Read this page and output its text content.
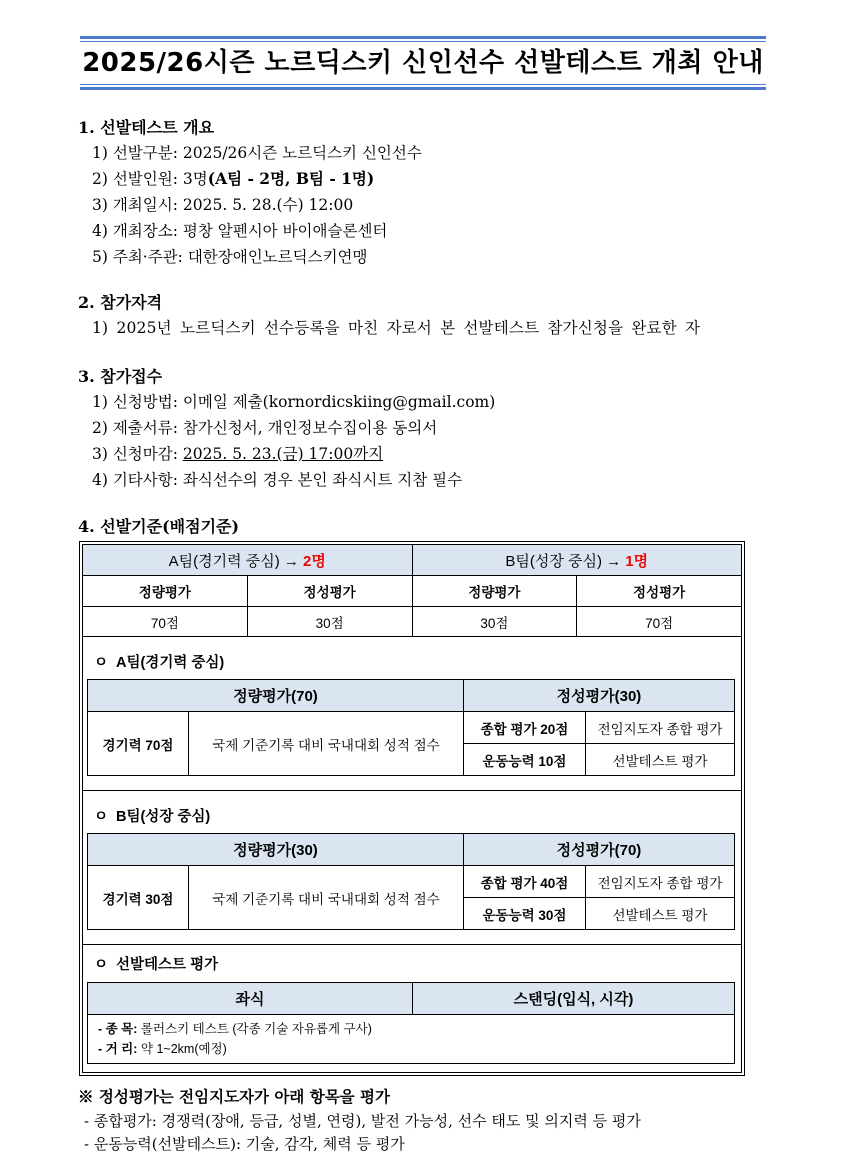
2025/26시즌 노르딕스키 신인선수 선발테스트 개최 안내
1. 선발테스트 개요
1) 선발구분: 2025/26시즌 노르딕스키 신인선수
2) 선발인원: 3명(A팀 - 2명, B팀 - 1명)
3) 개최일시: 2025. 5. 28.(수) 12:00
4) 개최장소: 평창 알펜시아 바이애슬론센터
5) 주최·주관: 대한장애인노르딕스키연맹
2. 참가자격
1) 2025년 노르딕스키 선수등록을 마친 자로서 본 선발테스트 참가신청을 완료한 자
3. 참가접수
1) 신청방법: 이메일 제출(kornordicskiing@gmail.com)
2) 제출서류: 참가신청서, 개인정보수집이용 동의서
3) 신청마감: 2025. 5. 23.(금) 17:00까지
4) 기타사항: 좌식선수의 경우 본인 좌식시트 지참 필수
4. 선발기준(배점기준)
A팀(경기력 중심) → 2명		B팀(성장 중심) → 1명	
정량평가	정성평가	정량평가	정성평가
70점	30점	30점	70점
ㅇ A팀(경기력 중심)
정량평가(70)		정성평가(30)	
경기력 70점	국제 기준기록 대비 국내대회 성적 점수	종합 평가 20점	전임지도자 종합 평가
		운동능력 10점	선발테스트 평가
ㅇ B팀(성장 중심)
정량평가(30)		정성평가(70)	
경기력 30점	국제 기준기록 대비 국내대회 성적 점수	종합 평가 40점	전임지도자 종합 평가
		운동능력 30점	선발테스트 평가
ㅇ 선발테스트 평가
좌식	스탠딩(입식, 시각)

- 종 목: 롤러스키 테스트 (각종 기술 자유롭게 구사)
- 거 리: 약 1~2km(예정)
※ 정성평가는 전임지도자가 아래 항목을 평가
- 종합평가: 경쟁력(장애, 등급, 성별, 연령), 발전 가능성, 선수 태도 및 의지력 등 평가
- 운동능력(선발테스트): 기술, 감각, 체력 등 평가
